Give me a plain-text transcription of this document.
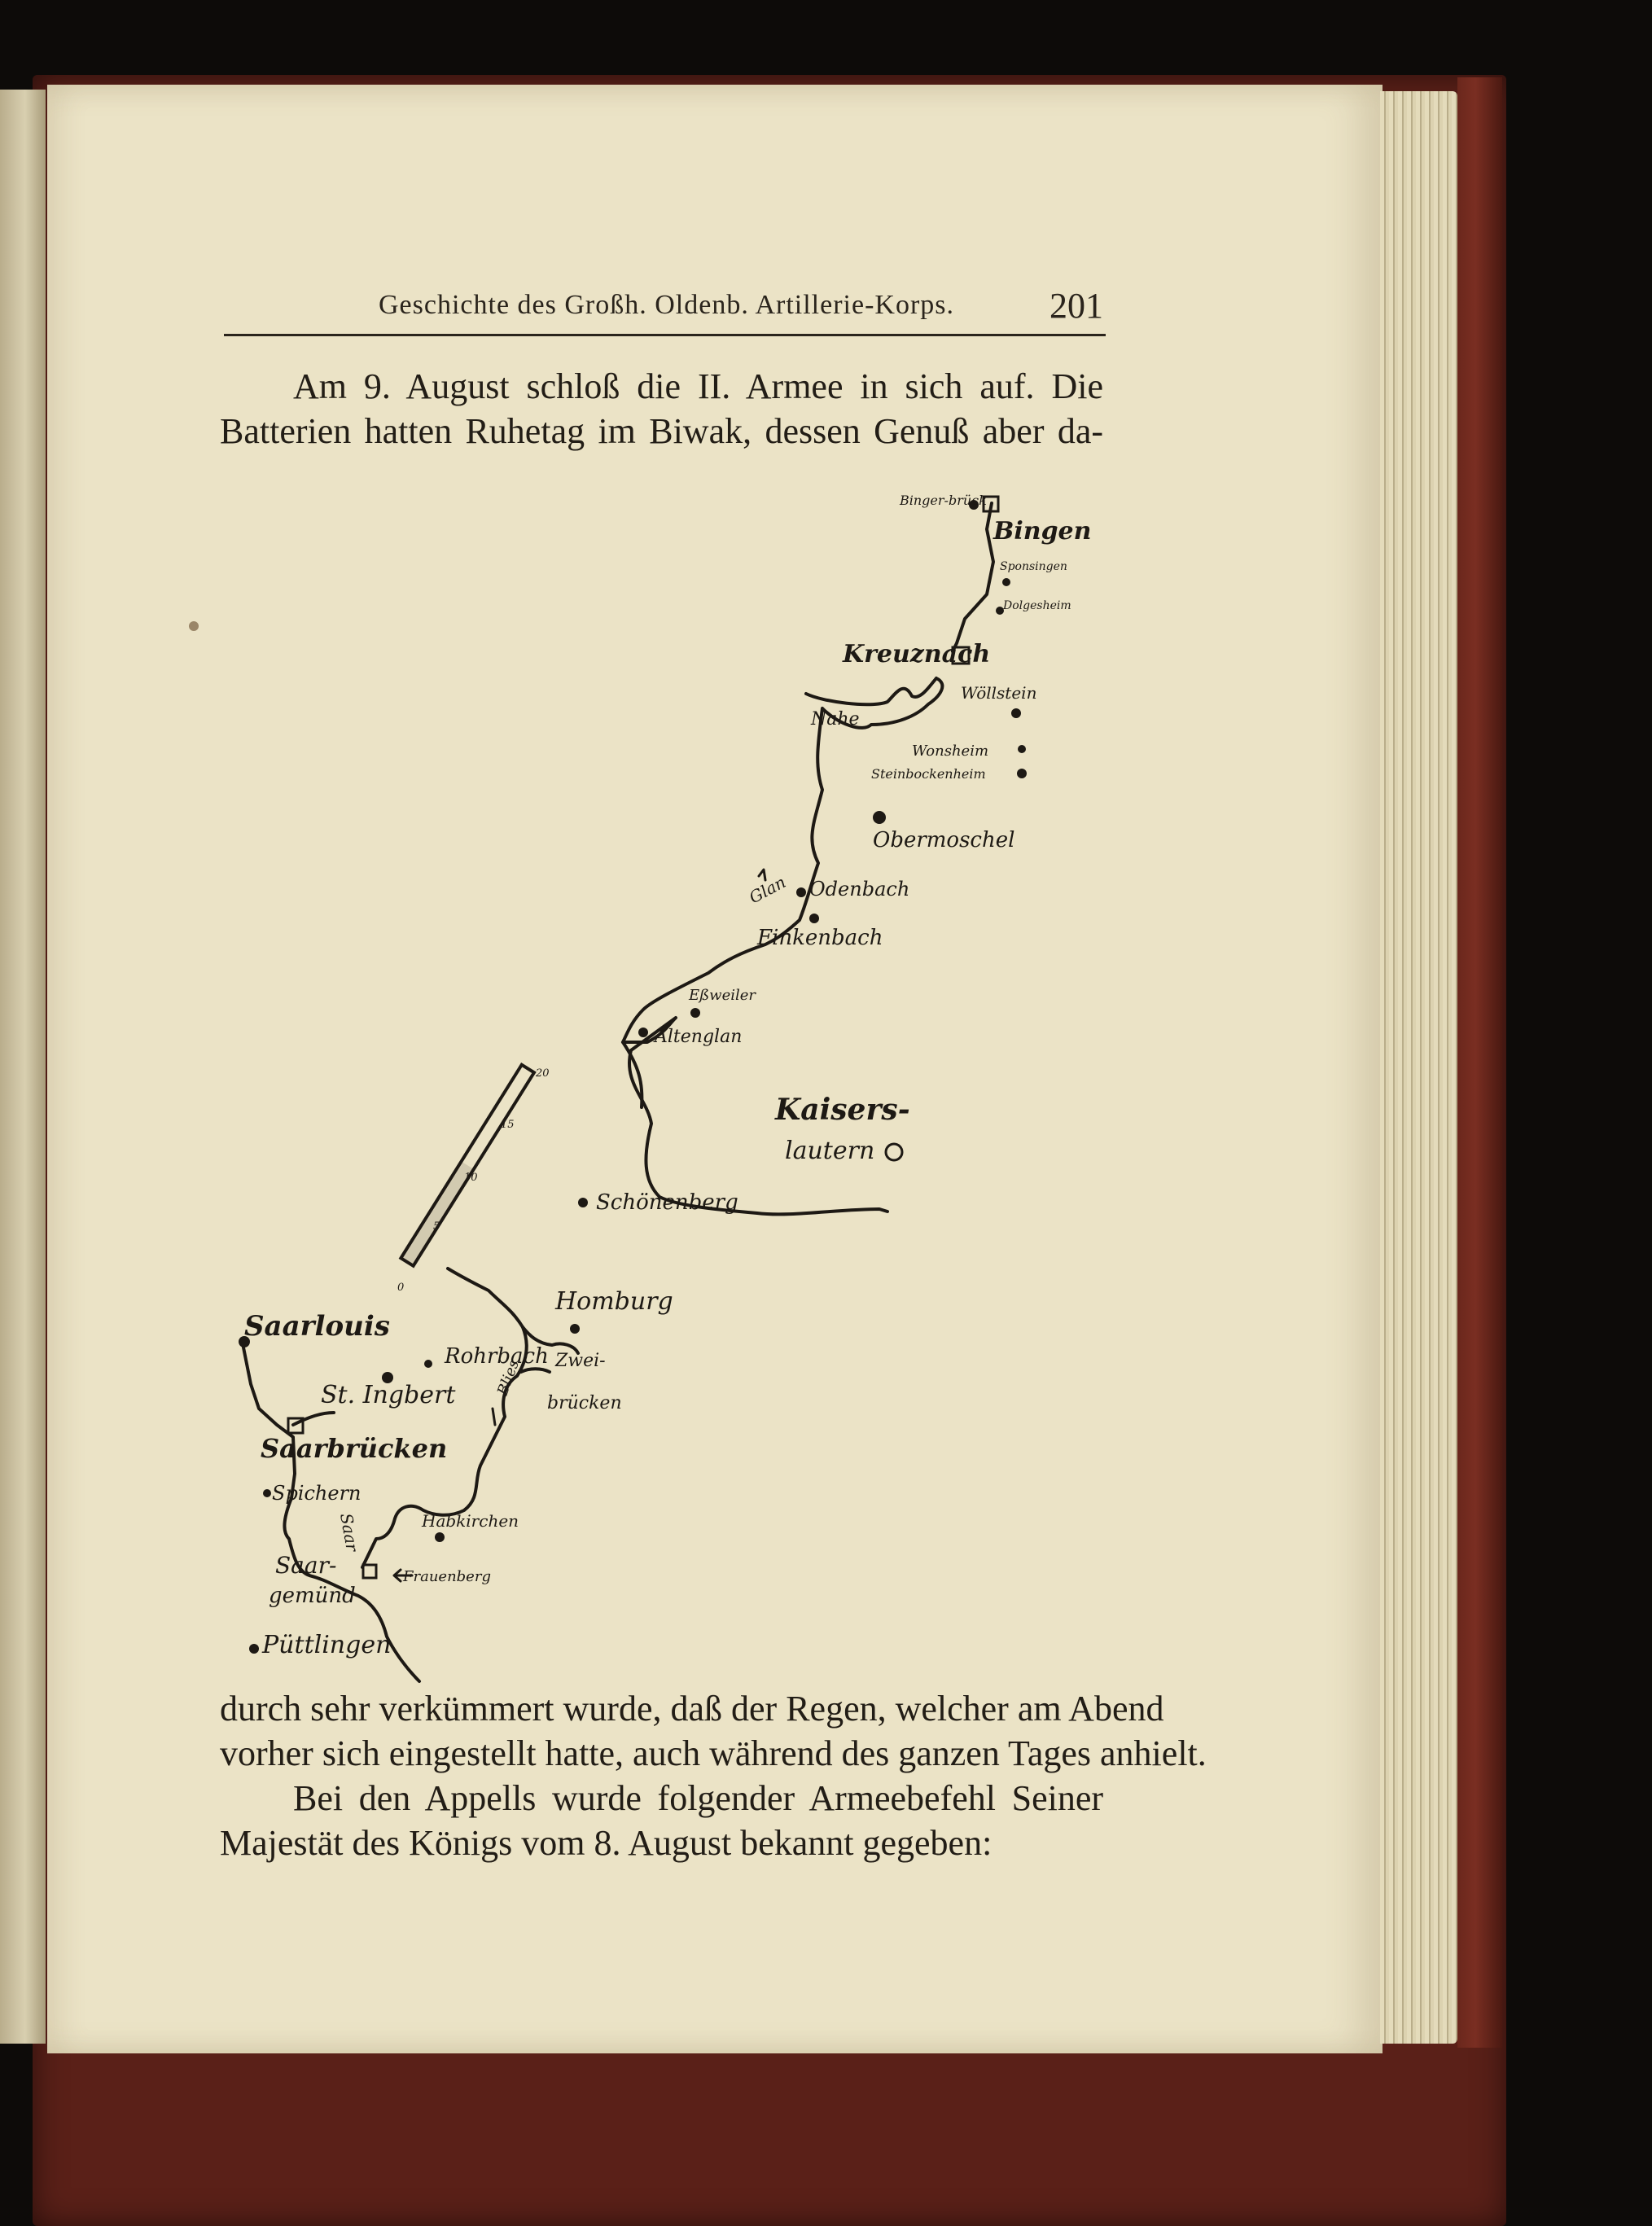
Geschichte des Großh. Oldenb. Artillerie-Korps.	201
Am 9. August schloß die II. Armee in sich auf. Die
Batterien hatten Ruhetag im Biwak, dessen Genuß aber da-
0
5
10
15
20
Binger-brück
Bingen
Sponsingen
Dolgesheim
Kreuznach
Wöllstein
Nahe
Wonsheim
Steinbockenheim
Obermoschel
Glan Odenbach
Finkenbach
Eßweiler
Altenglan
Kaisers-
lautern
Schönenberg
Homburg
Saarlouis
Rohrbach Zwei-
brücken
St. Ingbert	Blies
Saarbrücken
Spichern
Saar	Habkirchen
Saar-
gemünd
Frauenberg
Püttlingen
durch sehr verkümmert wurde, daß der Regen, welcher am Abend
vorher sich eingestellt hatte, auch während des ganzen Tages anhielt.
Bei den Appells wurde folgender Armeebefehl Seiner
Majestät des Königs vom 8. August bekannt gegeben:
